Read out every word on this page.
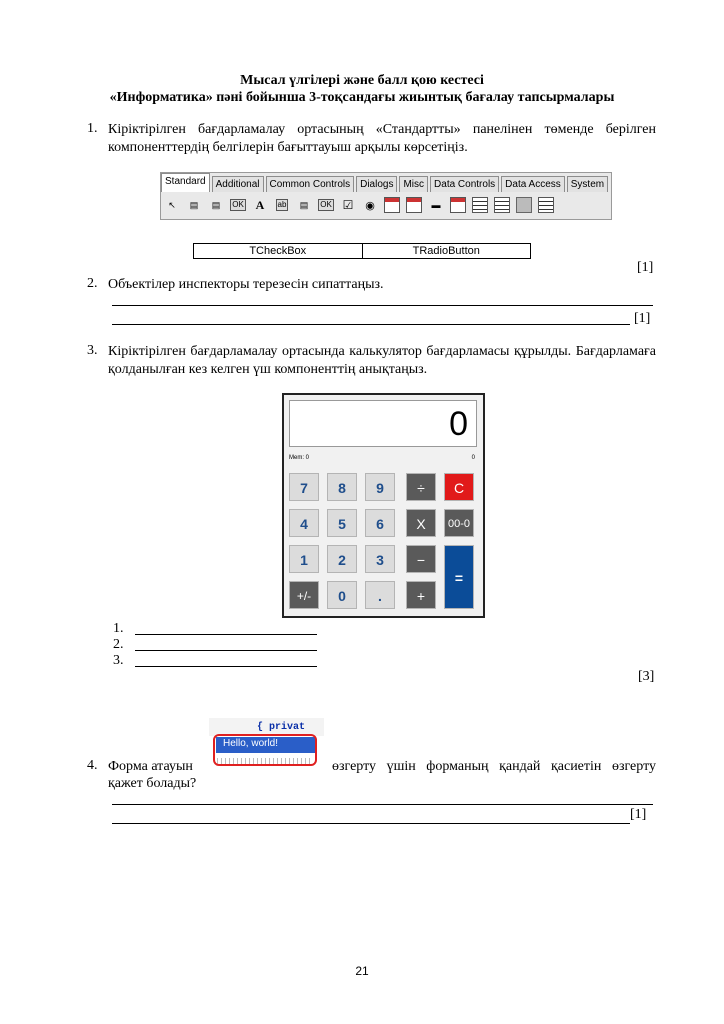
Мысал үлгілері және балл қою кестесі
«Информатика» пәні бойынша 3-тоқсандағы жиынтық бағалау тапсырмалары
1. Кіріктірілген бағдарламалау ортасының «Стандартты» панелінен төменде берілген компоненттердің белгілерін бағыттауыш арқылы көрсетіңіз.
Standard	Additional	Common Controls	Dialogs	Misc	Data Controls	Data Access	System
↖	▤	▤	OK A	ab	▤	OK ☑	◉	▬
TCheckBox	TRadioButton
[1]
2. Объектілер инспекторы терезесін сипаттаңыз.
[1]
3. Кіріктірілген бағдарламалау ортасында калькулятор бағдарламасы құрылды. Бағдарламаға қолданылған кез келген үш компоненттің анықтаңыз.
0
Mem: 0	0
7	8	9	÷	C
4	5	6	X	00-0
1	2	3	−
=
+/-	0	.	+
1.
2.
3.
[3]
{ privat
Hello, world!
4. Форма атауын	өзгерту үшін форманың қандай қасиетін өзгерту
қажет болады?
[1]
21
